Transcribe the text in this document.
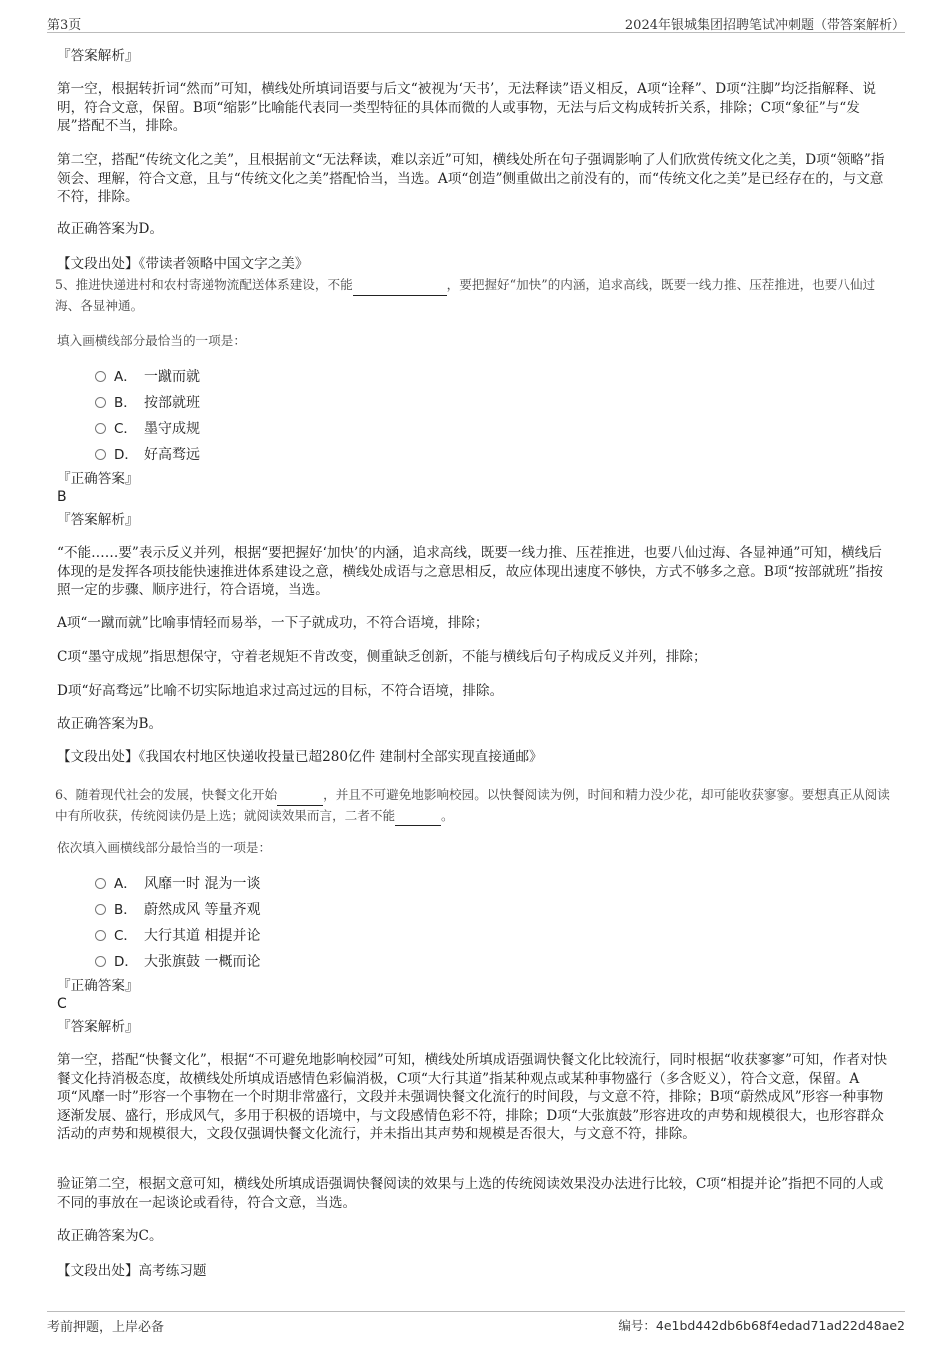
第3页	2024年银城集团招聘笔试冲刺题（带答案解析）
『答案解析』
第一空，根据转折词“然而”可知，横线处所填词语要与后文“被视为‘天书’，无法释读”语义相反，A项“诠释”、D项“注脚”均泛指解释、说明，符合文意，保留。B项“缩影”比喻能代表同一类型特征的具体而微的人或事物，无法与后文构成转折关系，排除；C项“象征”与“发展”搭配不当，排除。
第二空，搭配“传统文化之美”，且根据前文“无法释读，难以亲近”可知，横线处所在句子强调影响了人们欣赏传统文化之美，D项“领略”指领会、理解，符合文意，且与“传统文化之美”搭配恰当，当选。A项“创造”侧重做出之前没有的，而“传统文化之美”是已经存在的，与文意不符，排除。
故正确答案为D。
【文段出处】《带读者领略中国文字之美》
5、推进快递进村和农村寄递物流配送体系建设，不能	，要把握好“加快”的内涵，追求高线，既要一线力推、压茬推进，也要八仙过海、各显神通。
填入画横线部分最恰当的一项是：
A． 一蹴而就
B． 按部就班
C． 墨守成规
D． 好高骛远
『正确答案』
B
『答案解析』
“不能……要”表示反义并列，根据“要把握好‘加快’的内涵，追求高线，既要一线力推、压茬推进，也要八仙过海、各显神通”可知，横线后体现的是发挥各项技能快速推进体系建设之意，横线处成语与之意思相反，故应体现出速度不够快，方式不够多之意。B项“按部就班”指按照一定的步骤、顺序进行，符合语境，当选。
A项“一蹴而就”比喻事情轻而易举，一下子就成功，不符合语境，排除；
C项“墨守成规”指思想保守，守着老规矩不肯改变，侧重缺乏创新，不能与横线后句子构成反义并列，排除；
D项“好高骛远”比喻不切实际地追求过高过远的目标，不符合语境，排除。
故正确答案为B。
【文段出处】《我国农村地区快递收投量已超280亿件 建制村全部实现直接通邮》
6、随着现代社会的发展，快餐文化开始	，并且不可避免地影响校园。以快餐阅读为例，时间和精力没少花，却可能收获寥寥。要想真正从阅读中有所收获，传统阅读仍是上选；就阅读效果而言，二者不能	。
依次填入画横线部分最恰当的一项是：
A． 风靡一时 混为一谈
B． 蔚然成风 等量齐观
C． 大行其道 相提并论
D． 大张旗鼓 一概而论
『正确答案』
C
『答案解析』
第一空，搭配“快餐文化”，根据“不可避免地影响校园”可知，横线处所填成语强调快餐文化比较流行，同时根据“收获寥寥”可知，作者对快餐文化持消极态度，故横线处所填成语感情色彩偏消极，C项“大行其道”指某种观点或某种事物盛行（多含贬义），符合文意，保留。A项“风靡一时”形容一个事物在一个时期非常盛行，文段并未强调快餐文化流行的时间段，与文意不符，排除；B项“蔚然成风”形容一种事物逐渐发展、盛行，形成风气，多用于积极的语境中，与文段感情色彩不符，排除；D项“大张旗鼓”形容进攻的声势和规模很大，也形容群众活动的声势和规模很大，文段仅强调快餐文化流行，并未指出其声势和规模是否很大，与文意不符，排除。
验证第二空，根据文意可知，横线处所填成语强调快餐阅读的效果与上选的传统阅读效果没办法进行比较，C项“相提并论”指把不同的人或不同的事放在一起谈论或看待，符合文意，当选。
故正确答案为C。
【文段出处】高考练习题
考前押题，上岸必备	编号：4e1bd442db6b68f4edad71ad22d48ae2
